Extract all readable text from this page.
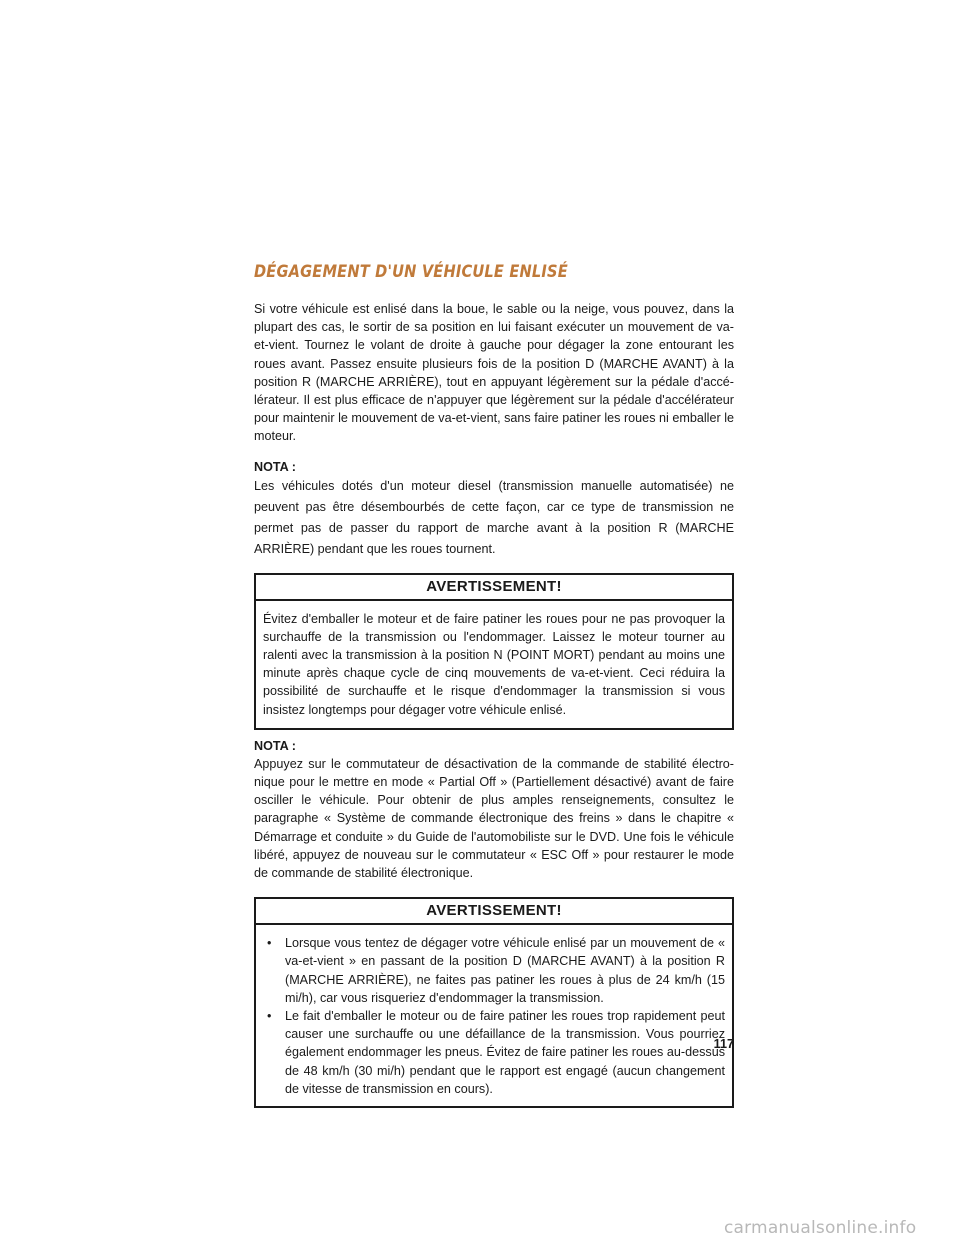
DÉGAGEMENT D'UN VÉHICULE ENLISÉ

Si votre véhicule est enlisé dans la boue, le sable ou la neige, vous pouvez, dans la plupart des cas, le sortir de sa position en lui faisant exécuter un mouvement de va-et-vient. Tournez le volant de droite à gauche pour dégager la zone entourant les roues avant. Passez ensuite plusieurs fois de la position D (MARCHE AVANT) à la position R (MARCHE ARRIÈRE), tout en appuyant légèrement sur la pédale d'accé-lérateur. Il est plus efficace de n'appuyer que légèrement sur la pédale d'accélérateur pour maintenir le mouvement de va-et-vient, sans faire patiner les roues ni emballer le moteur.

NOTA :

Les véhicules dotés d'un moteur diesel (transmission manuelle automatisée) ne peuvent pas être désembourbés de cette façon, car ce type de transmission ne permet pas de passer du rapport de marche avant à la position R (MARCHE ARRIÈRE) pendant que les roues tournent.

AVERTISSEMENT!
Évitez d'emballer le moteur et de faire patiner les roues pour ne pas provoquer la surchauffe de la transmission ou l'endommager. Laissez le moteur tourner au ralenti avec la transmission à la position N (POINT MORT) pendant au moins une minute après chaque cycle de cinq mouvements de va-et-vient. Ceci réduira la possibilité de surchauffe et le risque d'endommager la transmission si vous insistez longtemps pour dégager votre véhicule enlisé.
NOTA :

Appuyez sur le commutateur de désactivation de la commande de stabilité électro-nique pour le mettre en mode « Partial Off » (Partiellement désactivé) avant de faire osciller le véhicule. Pour obtenir de plus amples renseignements, consultez le paragraphe « Système de commande électronique des freins » dans le chapitre « Démarrage et conduite » du Guide de l'automobiliste sur le DVD. Une fois le véhicule libéré, appuyez de nouveau sur le commutateur « ESC Off » pour restaurer le mode de commande de stabilité électronique.

AVERTISSEMENT!
• Lorsque vous tentez de dégager votre véhicule enlisé par un mouvement de « va-et-vient » en passant de la position D (MARCHE AVANT) à la position R (MARCHE ARRIÈRE), ne faites pas patiner les roues à plus de 24 km/h (15 mi/h), car vous risqueriez d'endommager la transmission.
• Le fait d'emballer le moteur ou de faire patiner les roues trop rapidement peut causer une surchauffe ou une défaillance de la transmission. Vous pourriez également endommager les pneus. Évitez de faire patiner les roues au-dessus de 48 km/h (30 mi/h) pendant que le rapport est engagé (aucun changement de vitesse de transmission en cours).
117
carmanualsonline.info
